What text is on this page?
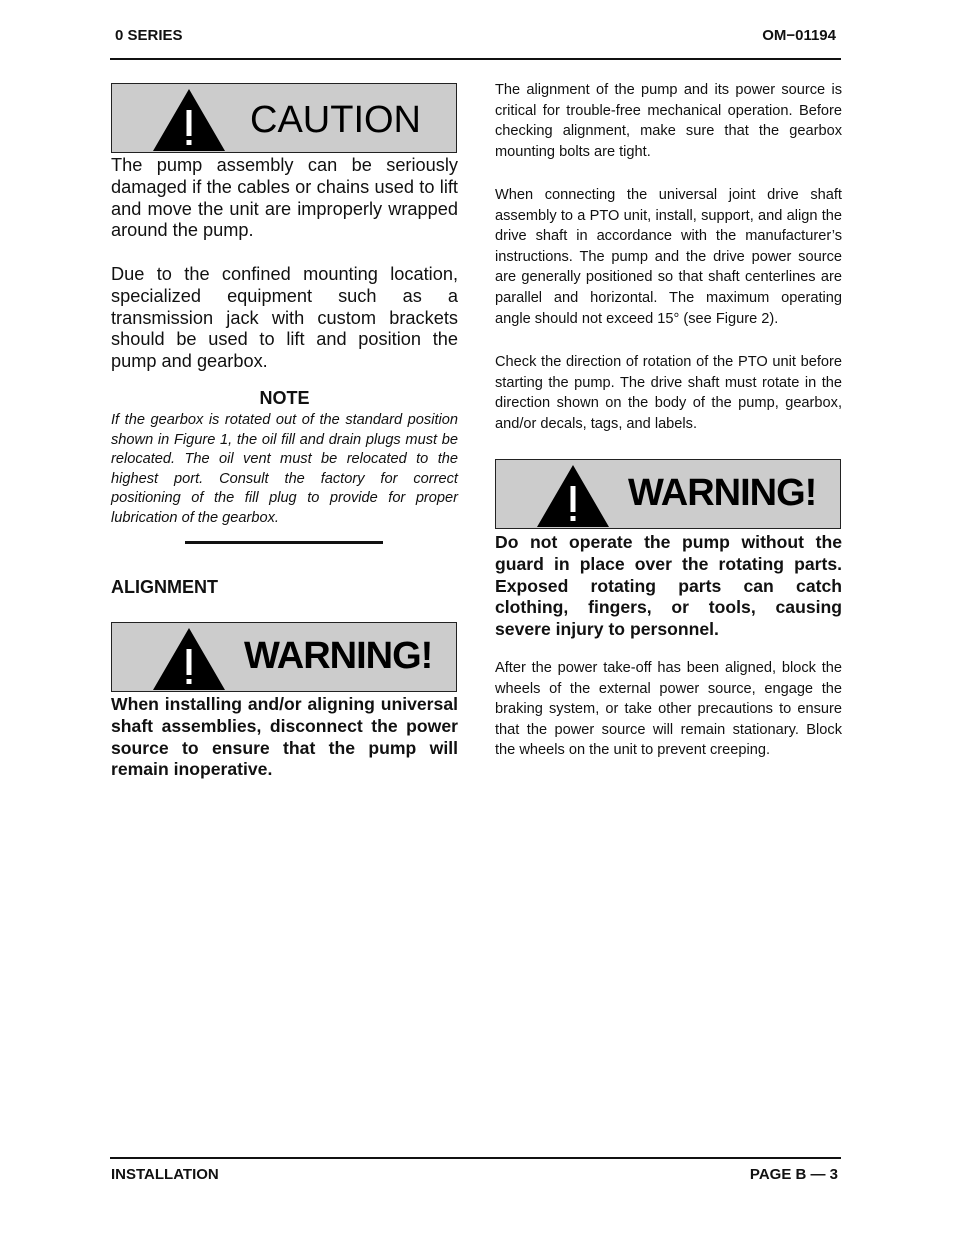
0 SERIES	OM−01194
CAUTION

The pump assembly can be seriously damaged if the cables or chains used to lift and move the unit are improperly wrapped around the pump.

Due to the confined mounting location, specialized equipment such as a transmission jack with custom brackets should be used to lift and position the pump and gearbox.

NOTE

If the gearbox is rotated out of the standard position shown in Figure 1, the oil fill and drain plugs must be relocated. The oil vent must be relocated to the highest port. Consult the factory for correct positioning of the fill plug to provide for proper lubrication of the gearbox.

ALIGNMENT
WARNING!

When installing and/or aligning universal shaft assemblies, disconnect the power source to ensure that the pump will remain inoperative.

The alignment of the pump and its power source is critical for trouble-free mechanical operation. Before checking alignment, make sure that the gearbox mounting bolts are tight.

When connecting the universal joint drive shaft assembly to a PTO unit, install, support, and align the drive shaft in accordance with the manufacturer’s instructions. The pump and the drive power source are generally positioned so that shaft centerlines are parallel and horizontal. The maximum operating angle should not exceed 15° (see Figure 2).

Check the direction of rotation of the PTO unit before starting the pump. The drive shaft must rotate in the direction shown on the body of the pump, gearbox, and/or decals, tags, and labels.

WARNING!

Do not operate the pump without the guard in place over the rotating parts. Exposed rotating parts can catch clothing, fingers, or tools, causing severe injury to personnel.

After the power take-off has been aligned, block the wheels of the external power source, engage the braking system, or take other precautions to ensure that the power source will remain stationary. Block the wheels on the unit to prevent creeping.

INSTALLATION	PAGE B — 3
